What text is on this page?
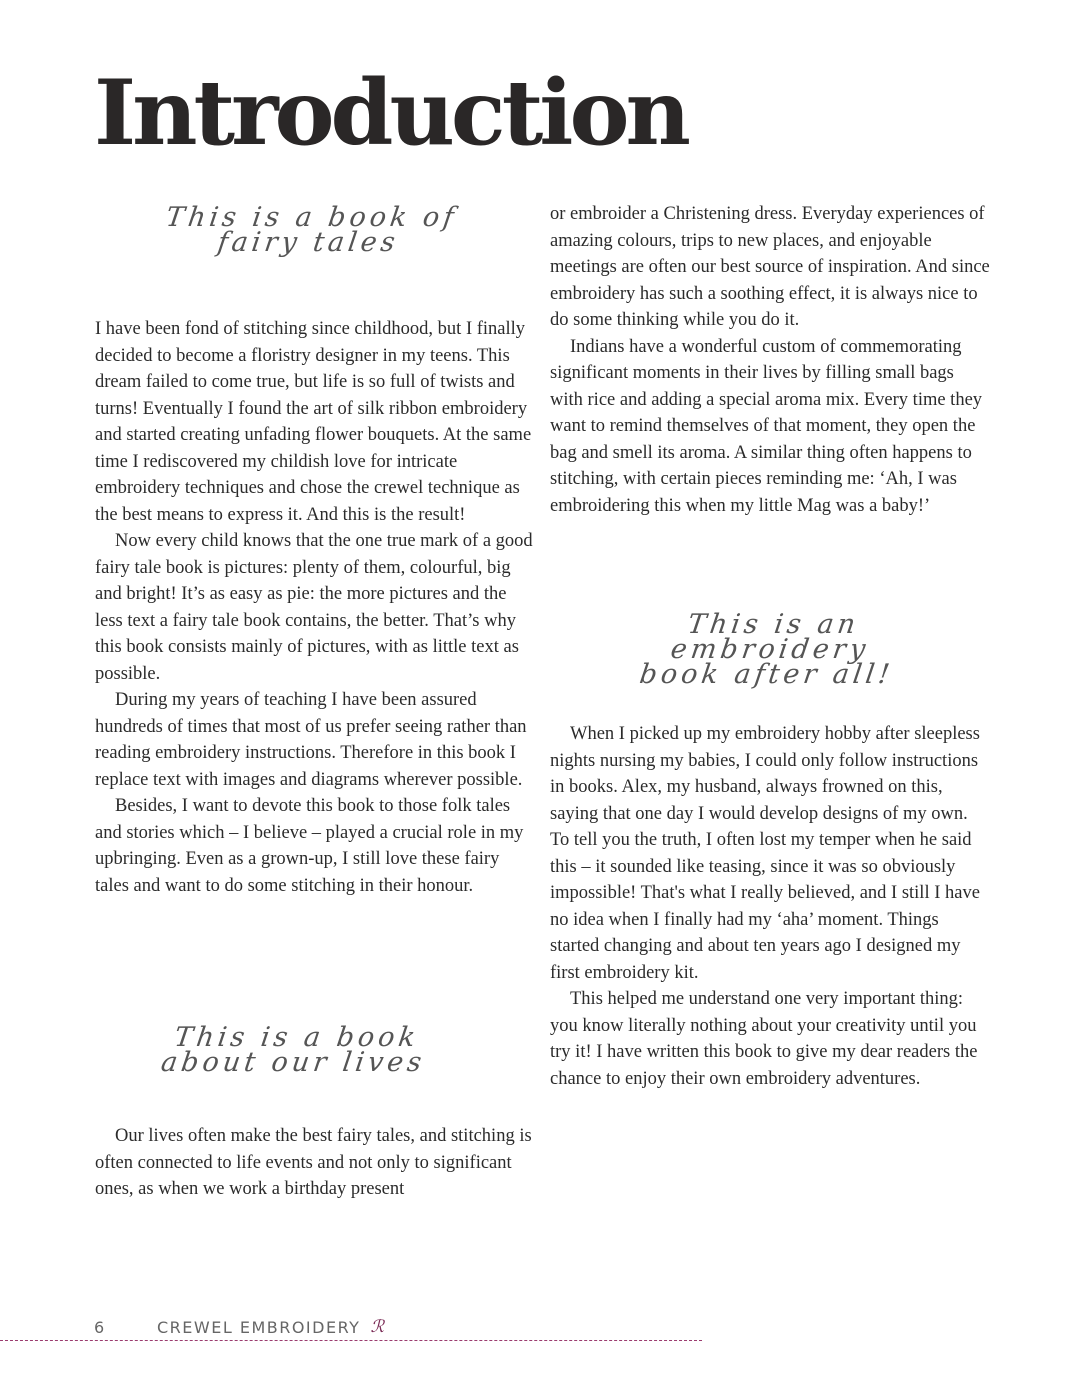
Introduction
This is a book of
fairy tales

I have been fond of stitching since childhood, but I finally decided to become a floristry designer in my teens. This dream failed to come true, but life is so full of twists and turns! Eventually I found the art of silk ribbon embroidery and started creating unfading flower bouquets. At the same time I rediscovered my childish love for intricate embroidery techniques and chose the crewel technique as the best means to express it. And this is the result!

Now every child knows that the one true mark of a good fairy tale book is pictures: plenty of them, colourful, big and bright! It’s as easy as pie: the more pictures and the less text a fairy tale book contains, the better. That’s why this book consists mainly of pictures, with as little text as possible.

During my years of teaching I have been assured hundreds of times that most of us prefer seeing rather than reading embroidery instructions. Therefore in this book I replace text with images and diagrams wherever possible.

Besides, I want to devote this book to those folk tales and stories which – I believe – played a crucial role in my upbringing. Even as a grown-up, I still love these fairy tales and want to do some stitching in their honour.

This is a book
about our lives

Our lives often make the best fairy tales, and stitching is often connected to life events and not only to significant ones, as when we work a birthday present

or embroider a Christening dress. Everyday experiences of amazing colours, trips to new places, and enjoyable meetings are often our best source of inspiration. And since embroidery has such a soothing effect, it is always nice to do some thinking while you do it.

Indians have a wonderful custom of commemorating significant moments in their lives by filling small bags with rice and adding a special aroma mix. Every time they want to remind themselves of that moment, they open the bag and smell its aroma. A similar thing often happens to stitching, with certain pieces reminding me: ‘Ah, I was embroidering this when my little Mag was a baby!’

This is an embroidery
book after all!

When I picked up my embroidery hobby after sleepless nights nursing my babies, I could only follow instructions in books. Alex, my husband, always frowned on this, saying that one day I would develop designs of my own. To tell you the truth, I often lost my temper when he said this – it sounded like teasing, since it was so obviously impossible! That's what I really believed, and I still I have no idea when I finally had my ‘aha’ moment. Things started changing and about ten years ago I designed my first embroidery kit.

This helped me understand one very important thing: you know literally nothing about your creativity until you try it! I have written this book to give my dear readers the chance to enjoy their own embroidery adventures.

6	CREWEL EMBROIDERY ℛ
